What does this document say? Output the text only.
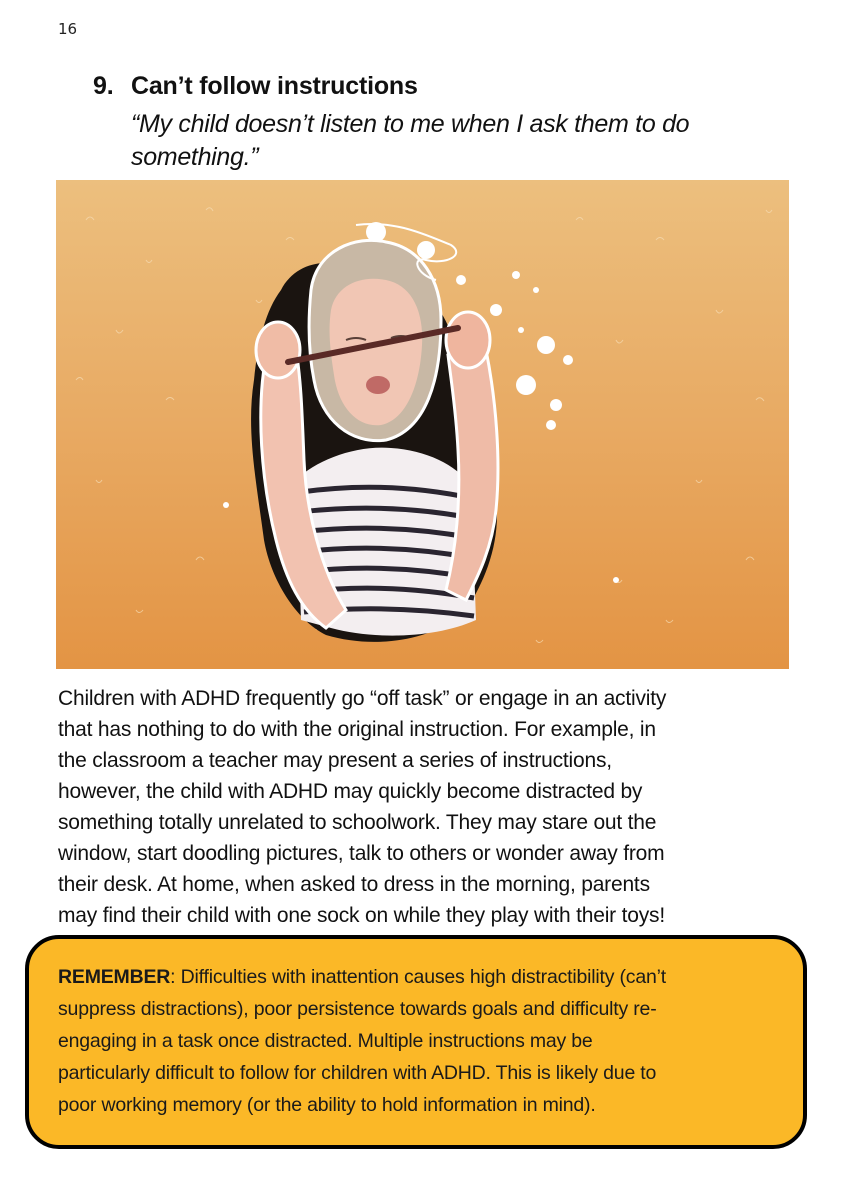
16
9. Can’t follow instructions
“My child doesn’t listen to me when I ask them to do
something.”
Children with ADHD frequently go “off task” or engage in an activity
that has nothing to do with the original instruction. For example, in
the classroom a teacher may present a series of instructions,
however, the child with ADHD may quickly become distracted by
something totally unrelated to schoolwork. They may stare out the
window, start doodling pictures, talk to others or wonder away from
their desk. At home, when asked to dress in the morning, parents
may find their child with one sock on while they play with their toys!
REMEMBER: Difficulties with inattention causes high distractibility (can’t
suppress distractions), poor persistence towards goals and difficulty re-
engaging in a task once distracted. Multiple instructions may be
particularly difficult to follow for children with ADHD. This is likely due to
poor working memory (or the ability to hold information in mind).
